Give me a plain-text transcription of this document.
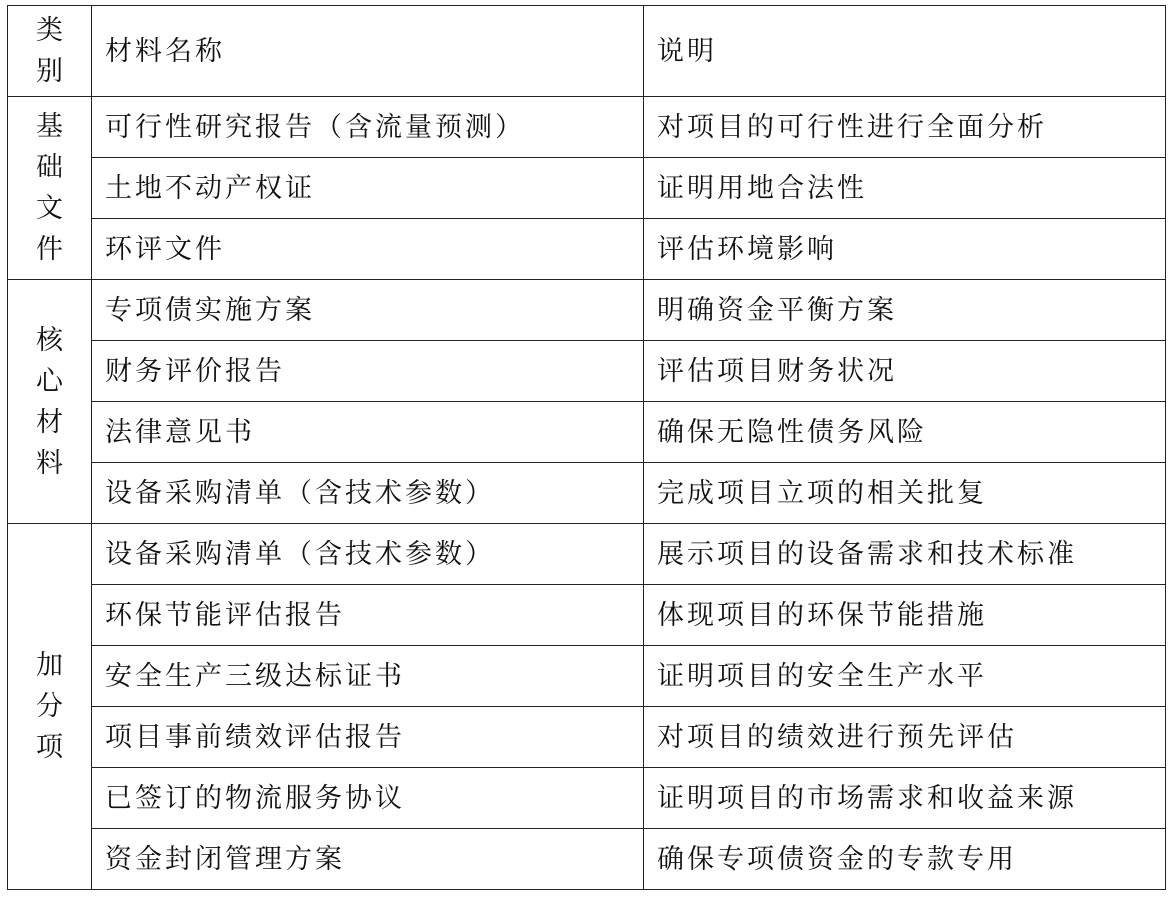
类别	材料名称	说明
基础文件	可行性研究报告（含流量预测）	对项目的可行性进行全面分析
	土地不动产权证	证明用地合法性
	环评文件	评估环境影响
核心材料	专项债实施方案	明确资金平衡方案
	财务评价报告	评估项目财务状况
	法律意见书	确保无隐性债务风险
	设备采购清单（含技术参数）	完成项目立项的相关批复
加分项	设备采购清单（含技术参数）	展示项目的设备需求和技术标准
	环保节能评估报告	体现项目的环保节能措施
	安全生产三级达标证书	证明项目的安全生产水平
	项目事前绩效评估报告	对项目的绩效进行预先评估
	已签订的物流服务协议	证明项目的市场需求和收益来源
	资金封闭管理方案	确保专项债资金的专款专用
